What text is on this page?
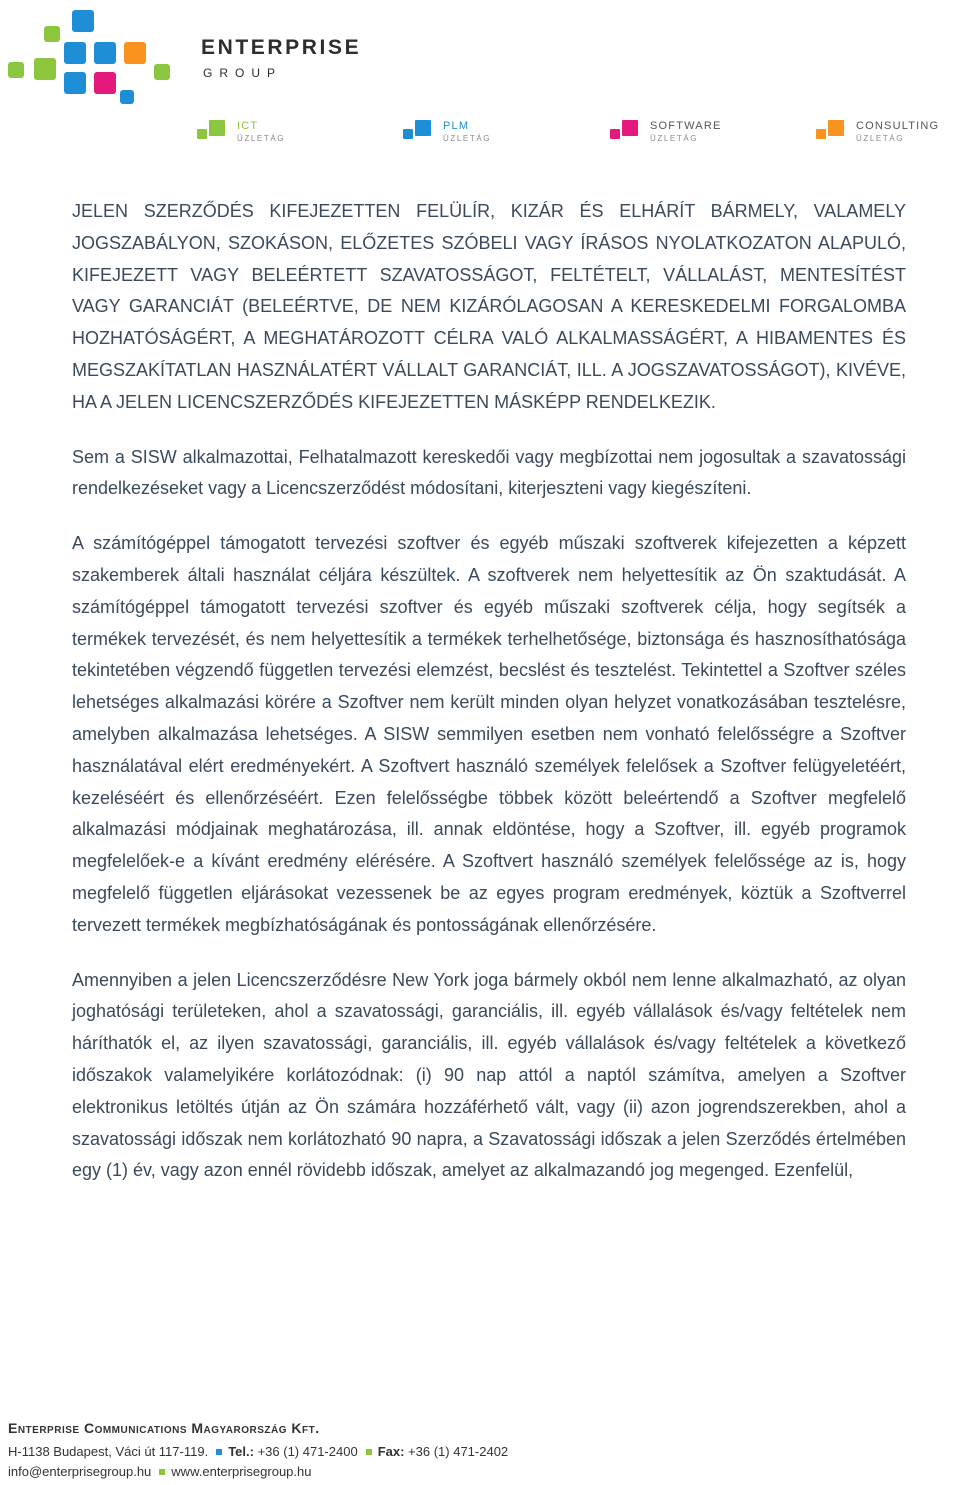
ENTERPRISE
GROUP
ICT
ÜZLETÁG
PLM
ÜZLETÁG
SOFTWARE
ÜZLETÁG
CONSULTING
ÜZLETÁG

JELEN SZERZŐDÉS KIFEJEZETTEN FELÜLÍR, KIZÁR ÉS ELHÁRÍT BÁRMELY, VALAMELY JOGSZABÁLYON, SZOKÁSON, ELŐZETES SZÓBELI VAGY ÍRÁSOS NYOLATKOZATON ALAPULÓ, KIFEJEZETT VAGY BELEÉRTETT SZAVATOSSÁGOT, FELTÉTELT, VÁLLALÁST, MENTESÍTÉST VAGY GARANCIÁT (BELEÉRTVE, DE NEM KIZÁRÓLAGOSAN A KERESKEDELMI FORGALOMBA HOZHATÓSÁGÉRT, A MEGHATÁROZOTT CÉLRA VALÓ ALKALMASSÁGÉRT, A HIBAMENTES ÉS MEGSZAKÍTATLAN HASZNÁLATÉRT VÁLLALT GARANCIÁT, ILL. A JOGSZAVATOSSÁGOT), KIVÉVE, HA A JELEN LICENCSZERZŐDÉS KIFEJEZETTEN MÁSKÉPP RENDELKEZIK.

Sem a SISW alkalmazottai, Felhatalmazott kereskedői vagy megbízottai nem jogosultak a szavatossági rendelkezéseket vagy a Licencszerződést módosítani, kiterjeszteni vagy kiegészíteni.

A számítógéppel támogatott tervezési szoftver és egyéb műszaki szoftverek kifejezetten a képzett szakemberek általi használat céljára készültek. A szoftverek nem helyettesítik az Ön szaktudását. A számítógéppel támogatott tervezési szoftver és egyéb műszaki szoftverek célja, hogy segítsék a termékek tervezését, és nem helyettesítik a termékek terhelhetősége, biztonsága és hasznosíthatósága tekintetében végzendő független tervezési elemzést, becslést és tesztelést. Tekintettel a Szoftver széles lehetséges alkalmazási körére a Szoftver nem került minden olyan helyzet vonatkozásában tesztelésre, amelyben alkalmazása lehetséges. A SISW semmilyen esetben nem vonható felelősségre a Szoftver használatával elért eredményekért. A Szoftvert használó személyek felelősek a Szoftver felügyeletéért, kezeléséért és ellenőrzéséért. Ezen felelősségbe többek között beleértendő a Szoftver megfelelő alkalmazási módjainak meghatározása, ill. annak eldöntése, hogy a Szoftver, ill. egyéb programok megfelelőek-e a kívánt eredmény elérésére. A Szoftvert használó személyek felelőssége az is, hogy megfelelő független eljárásokat vezessenek be az egyes program eredmények, köztük a Szoftverrel tervezett termékek megbízhatóságának és pontosságának ellenőrzésére.

Amennyiben a jelen Licencszerződésre New York joga bármely okból nem lenne alkalmazható, az olyan joghatósági területeken, ahol a szavatossági, garanciális, ill. egyéb vállalások és/vagy feltételek nem háríthatók el, az ilyen szavatossági, garanciális, ill. egyéb vállalások és/vagy feltételek a következő időszakok valamelyikére korlátozódnak: (i) 90 nap attól a naptól számítva, amelyen a Szoftver elektronikus letöltés útján az Ön számára hozzáférhető vált, vagy (ii) azon jogrendszerekben, ahol a szavatossági időszak nem korlátozható 90 napra, a Szavatossági időszak a jelen Szerződés értelmében egy (1) év, vagy azon ennél rövidebb időszak, amelyet az alkalmazandó jog megenged. Ezenfelül,

Enterprise Communications Magyarország Kft.
H-1138 Budapest, Váci út 117-119. Tel.: +36 (1) 471-2400 Fax: +36 (1) 471-2402
info@enterprisegroup.hu www.enterprisegroup.hu
